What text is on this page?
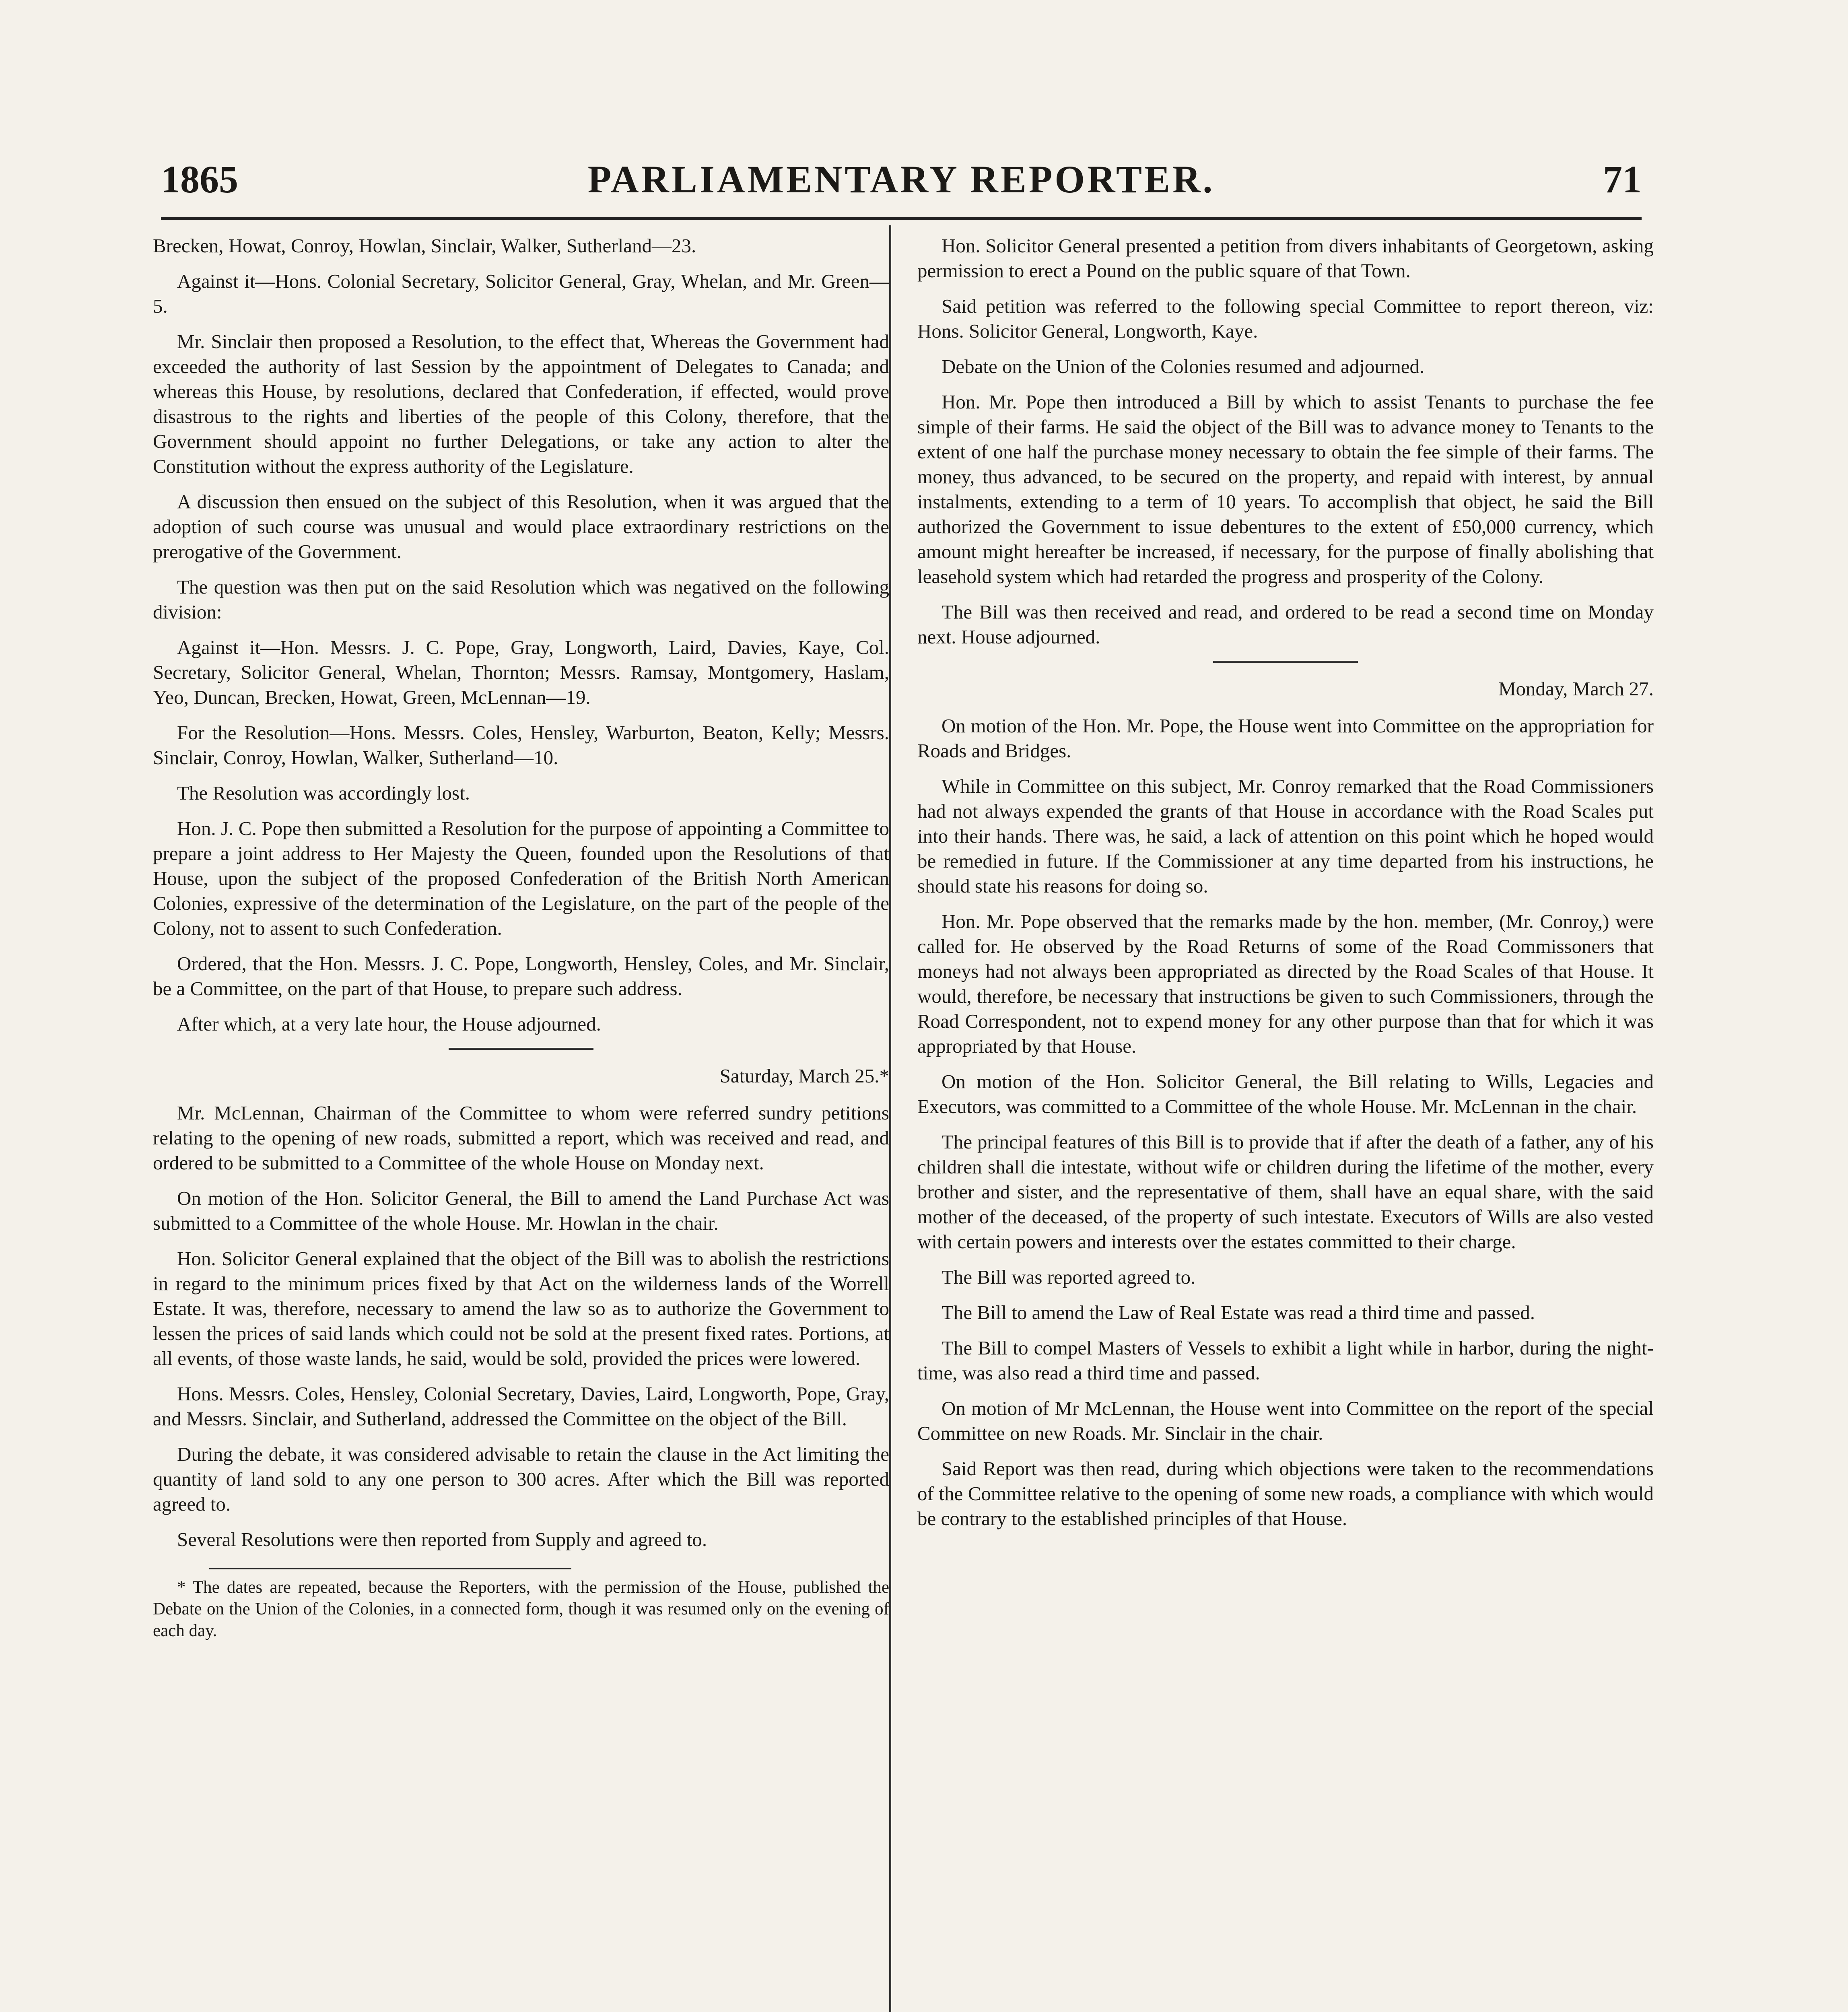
1865	PARLIAMENTARY REPORTER.	71

Brecken, Howat, Conroy, Howlan, Sinclair, Walker, Sutherland—23.

Against it—Hons. Colonial Secretary, Solicitor General, Gray, Whelan, and Mr. Green—5.

Mr. Sinclair then proposed a Resolution, to the effect that, Whereas the Government had exceeded the authority of last Session by the appointment of Delegates to Canada; and whereas this House, by resolutions, declared that Confederation, if effected, would prove disastrous to the rights and liberties of the people of this Colony, therefore, that the Government should appoint no further Delegations, or take any action to alter the Constitution without the express authority of the Legislature.

A discussion then ensued on the subject of this Resolution, when it was argued that the adoption of such course was unusual and would place extraordinary restrictions on the prerogative of the Government.

The question was then put on the said Resolution which was negatived on the following division:

Against it—Hon. Messrs. J. C. Pope, Gray, Longworth, Laird, Davies, Kaye, Col. Secretary, Solicitor General, Whelan, Thornton; Messrs. Ramsay, Montgomery, Haslam, Yeo, Duncan, Brecken, Howat, Green, McLennan—19.

For the Resolution—Hons. Messrs. Coles, Hensley, Warburton, Beaton, Kelly; Messrs. Sinclair, Conroy, Howlan, Walker, Sutherland—10.

The Resolution was accordingly lost.

Hon. J. C. Pope then submitted a Resolution for the purpose of appointing a Committee to prepare a joint address to Her Majesty the Queen, founded upon the Resolutions of that House, upon the subject of the proposed Confederation of the British North American Colonies, expressive of the determination of the Legislature, on the part of the people of the Colony, not to assent to such Confederation.

Ordered, that the Hon. Messrs. J. C. Pope, Longworth, Hensley, Coles, and Mr. Sinclair, be a Committee, on the part of that House, to prepare such address.

After which, at a very late hour, the House adjourned.

Saturday, March 25.*

Mr. McLennan, Chairman of the Committee to whom were referred sundry petitions relating to the opening of new roads, submitted a report, which was received and read, and ordered to be submitted to a Committee of the whole House on Monday next.

On motion of the Hon. Solicitor General, the Bill to amend the Land Purchase Act was submitted to a Committee of the whole House. Mr. Howlan in the chair.

Hon. Solicitor General explained that the object of the Bill was to abolish the restrictions in regard to the minimum prices fixed by that Act on the wilderness lands of the Worrell Estate. It was, therefore, necessary to amend the law so as to authorize the Government to lessen the prices of said lands which could not be sold at the present fixed rates. Portions, at all events, of those waste lands, he said, would be sold, provided the prices were lowered.

Hons. Messrs. Coles, Hensley, Colonial Secretary, Davies, Laird, Longworth, Pope, Gray, and Messrs. Sinclair, and Sutherland, addressed the Committee on the object of the Bill.

During the debate, it was considered advisable to retain the clause in the Act limiting the quantity of land sold to any one person to 300 acres. After which the Bill was reported agreed to.

Several Resolutions were then reported from Supply and agreed to.

* The dates are repeated, because the Reporters, with the permission of the House, published the Debate on the Union of the Colonies, in a connected form, though it was resumed only on the evening of each day.

Hon. Solicitor General presented a petition from divers inhabitants of Georgetown, asking permission to erect a Pound on the public square of that Town.

Said petition was referred to the following special Committee to report thereon, viz: Hons. Solicitor General, Longworth, Kaye.

Debate on the Union of the Colonies resumed and adjourned.

Hon. Mr. Pope then introduced a Bill by which to assist Tenants to purchase the fee simple of their farms. He said the object of the Bill was to advance money to Tenants to the extent of one half the purchase money necessary to obtain the fee simple of their farms. The money, thus advanced, to be secured on the property, and repaid with interest, by annual instalments, extending to a term of 10 years. To accomplish that object, he said the Bill authorized the Government to issue debentures to the extent of £50,000 currency, which amount might hereafter be increased, if necessary, for the purpose of finally abolishing that leasehold system which had retarded the progress and prosperity of the Colony.

The Bill was then received and read, and ordered to be read a second time on Monday next. House adjourned.

Monday, March 27.

On motion of the Hon. Mr. Pope, the House went into Committee on the appropriation for Roads and Bridges.

While in Committee on this subject, Mr. Conroy remarked that the Road Commissioners had not always expended the grants of that House in accordance with the Road Scales put into their hands. There was, he said, a lack of attention on this point which he hoped would be remedied in future. If the Commissioner at any time departed from his instructions, he should state his reasons for doing so.

Hon. Mr. Pope observed that the remarks made by the hon. member, (Mr. Conroy,) were called for. He observed by the Road Returns of some of the Road Commissoners that moneys had not always been appropriated as directed by the Road Scales of that House. It would, therefore, be necessary that instructions be given to such Commissioners, through the Road Correspondent, not to expend money for any other purpose than that for which it was appropriated by that House.

On motion of the Hon. Solicitor General, the Bill relating to Wills, Legacies and Executors, was committed to a Committee of the whole House. Mr. McLennan in the chair.

The principal features of this Bill is to provide that if after the death of a father, any of his children shall die intestate, without wife or children during the lifetime of the mother, every brother and sister, and the representative of them, shall have an equal share, with the said mother of the deceased, of the property of such intestate. Executors of Wills are also vested with certain powers and interests over the estates committed to their charge.

The Bill was reported agreed to.

The Bill to amend the Law of Real Estate was read a third time and passed.

The Bill to compel Masters of Vessels to exhibit a light while in harbor, during the night-time, was also read a third time and passed.

On motion of Mr McLennan, the House went into Committee on the report of the special Committee on new Roads. Mr. Sinclair in the chair.

Said Report was then read, during which objections were taken to the recommendations of the Committee relative to the opening of some new roads, a compliance with which would be contrary to the established principles of that House.
